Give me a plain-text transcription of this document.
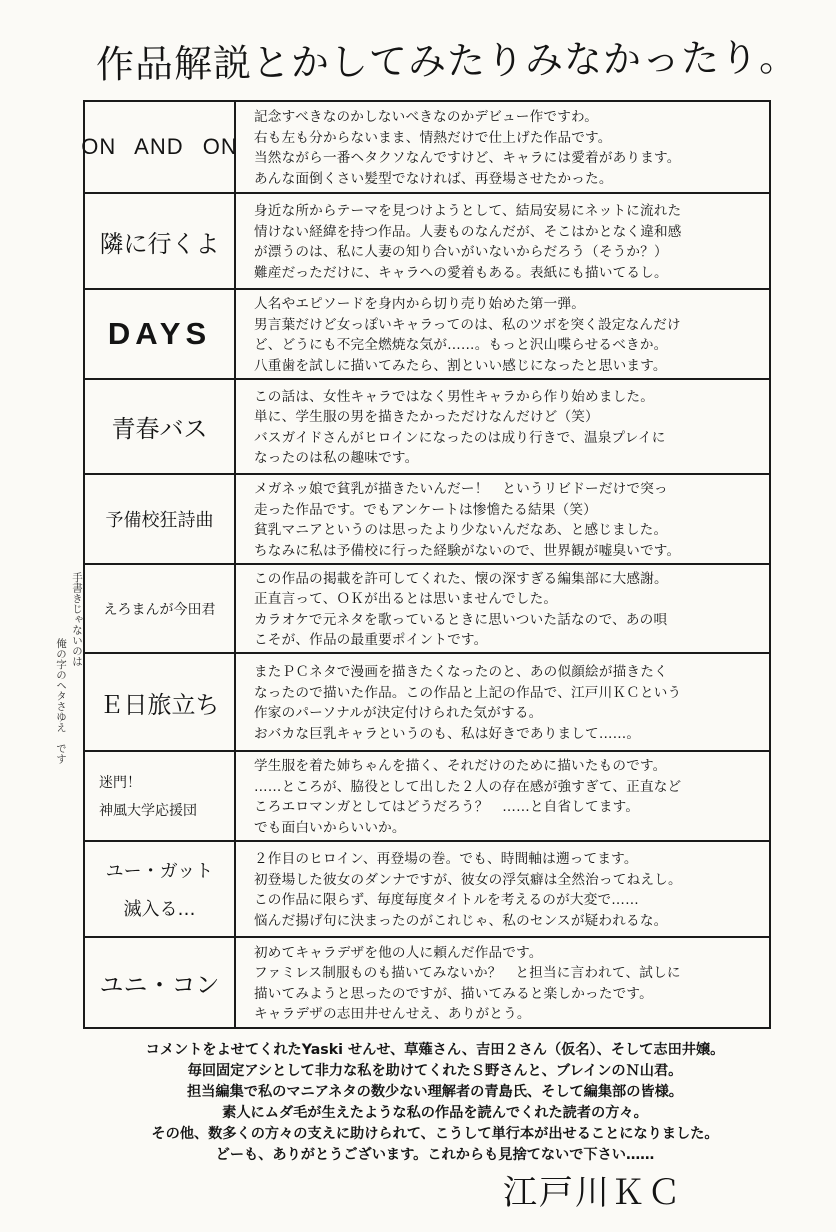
作品解説とかしてみたりみなかったり。
ON AND ON
記念すべきなのかしないべきなのかデビュー作ですわ。
右も左も分からないまま、情熱だけで仕上げた作品です。
当然ながら一番ヘタクソなんですけど、キャラには愛着があります。
あんな面倒くさい髪型でなければ、再登場させたかった。
隣に行くよ
身近な所からテーマを見つけようとして、結局安易にネットに流れた
情けない経緯を持つ作品。人妻ものなんだが、そこはかとなく違和感
が漂うのは、私に人妻の知り合いがいないからだろう（そうか？）
難産だっただけに、キャラへの愛着もある。表紙にも描いてるし。
DAYS
人名やエピソードを身内から切り売り始めた第一弾。
男言葉だけど女っぽいキャラってのは、私のツボを突く設定なんだけ
ど、どうにも不完全燃焼な気が……。もっと沢山喋らせるべきか。
八重歯を試しに描いてみたら、割といい感じになったと思います。
青春バス
この話は、女性キャラではなく男性キャラから作り始めました。
単に、学生服の男を描きたかっただけなんだけど（笑）
バスガイドさんがヒロインになったのは成り行きで、温泉プレイに
なったのは私の趣味です。
予備校狂詩曲
メガネッ娘で貧乳が描きたいんだー！　というリビドーだけで突っ
走った作品です。でもアンケートは惨憺たる結果（笑）
貧乳マニアというのは思ったより少ないんだなあ、と感じました。
ちなみに私は予備校に行った経験がないので、世界観が嘘臭いです。
えろまんが今田君
この作品の掲載を許可してくれた、懐の深すぎる編集部に大感謝。
正直言って、ＯＫが出るとは思いませんでした。
カラオケで元ネタを歌っているときに思いついた話なので、あの唄
こそが、作品の最重要ポイントです。
Ｅ日旅立ち
またＰＣネタで漫画を描きたくなったのと、あの似顔絵が描きたく
なったので描いた作品。この作品と上記の作品で、江戸川ＫＣという
作家のパーソナルが決定付けられた気がする。
おバカな巨乳キャラというのも、私は好きでありまして……。
迷門！
神風大学応援団
学生服を着た姉ちゃんを描く、それだけのために描いたものです。
……ところが、脇役として出した２人の存在感が強すぎて、正直など
ころエロマンガとしてはどうだろう？　……と自省してます。
でも面白いからいいか。
ユー・ガット
滅入る…
２作目のヒロイン、再登場の巻。でも、時間軸は遡ってます。
初登場した彼女のダンナですが、彼女の浮気癖は全然治ってねえし。
この作品に限らず、毎度毎度タイトルを考えるのが大変で……
悩んだ揚げ句に決まったのがこれじゃ、私のセンスが疑われるな。
ユニ・コン
初めてキャラデザを他の人に頼んだ作品です。
ファミレス制服ものも描いてみないか？　と担当に言われて、試しに
描いてみようと思ったのですが、描いてみると楽しかったです。
キャラデザの志田井せんせえ、ありがとう。
手書きじゃないのは
俺の字のヘタさゆえ　です
コメントをよせてくれたYaski せんせ、草薙さん、吉田２さん（仮名）、そして志田井嬢。
毎回固定アシとして非力な私を助けてくれたＳ野さんと、ブレインのＮ山君。
担当編集で私のマニアネタの数少ない理解者の青島氏、そして編集部の皆様。
素人にムダ毛が生えたような私の作品を読んでくれた読者の方々。
その他、数多くの方々の支えに助けられて、こうして単行本が出せることになりました。
どーも、ありがとうございます。これからも見捨てないで下さい……
江戸川ＫＣ
